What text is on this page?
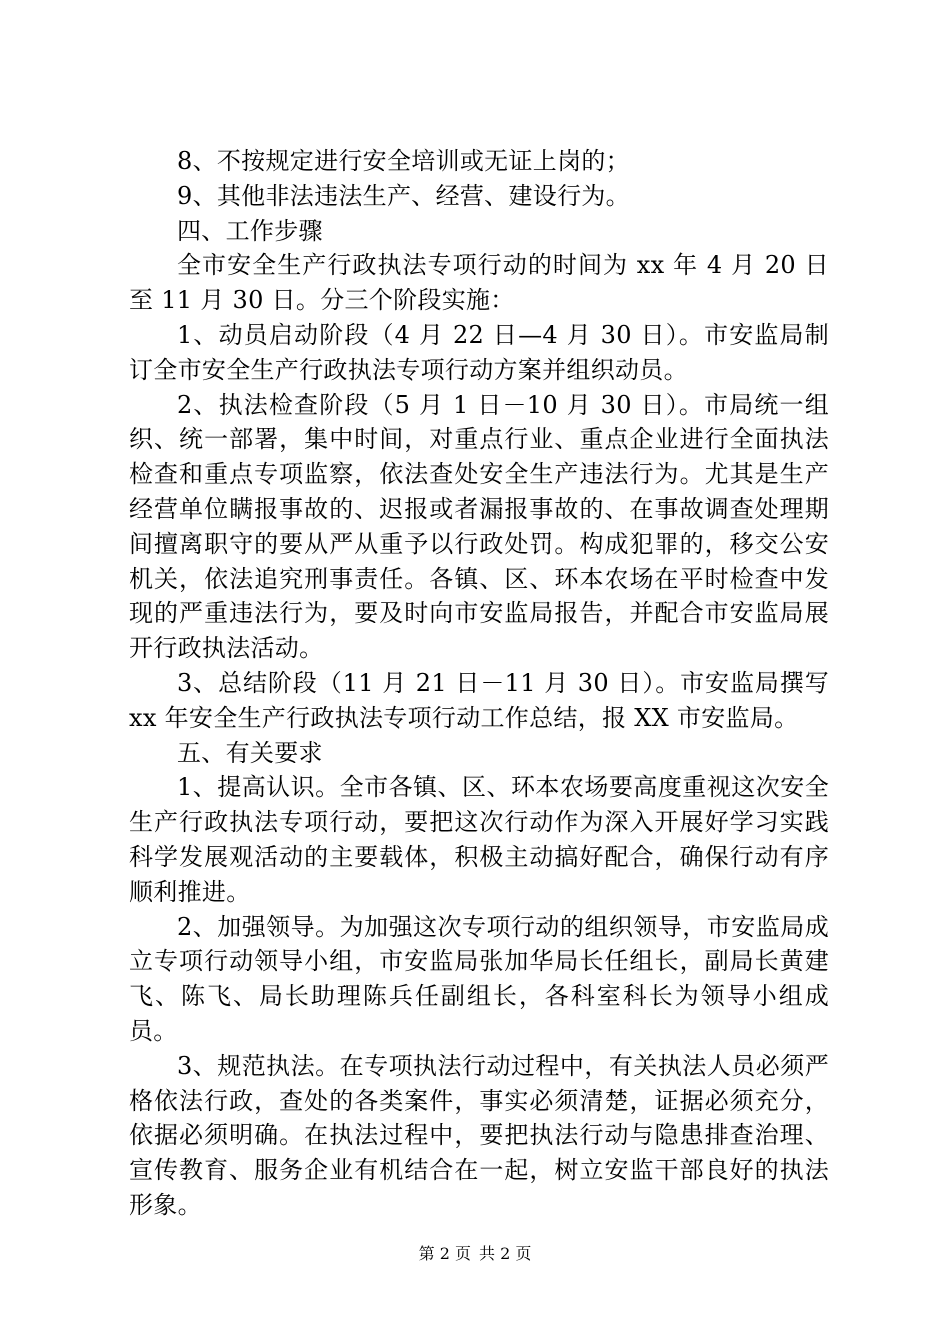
8、不按规定进行安全培训或无证上岗的；

9、其他非法违法生产、经营、建设行为。

四、工作步骤

全市安全生产行政执法专项行动的时间为 xx 年 4 月 20 日至 11 月 30 日。分三个阶段实施：

1、动员启动阶段（4 月 22 日—4 月 30 日）。市安监局制订全市安全生产行政执法专项行动方案并组织动员。

2、执法检查阶段（5 月 1 日－10 月 30 日）。市局统一组织、统一部署，集中时间，对重点行业、重点企业进行全面执法检查和重点专项监察，依法查处安全生产违法行为。尤其是生产经营单位瞒报事故的、迟报或者漏报事故的、在事故调查处理期间擅离职守的要从严从重予以行政处罚。构成犯罪的，移交公安机关，依法追究刑事责任。各镇、区、环本农场在平时检查中发现的严重违法行为，要及时向市安监局报告，并配合市安监局展开行政执法活动。

3、总结阶段（11 月 21 日－11 月 30 日）。市安监局撰写 xx 年安全生产行政执法专项行动工作总结，报 XX 市安监局。

五、有关要求

1、提高认识。全市各镇、区、环本农场要高度重视这次安全生产行政执法专项行动，要把这次行动作为深入开展好学习实践科学发展观活动的主要载体，积极主动搞好配合，确保行动有序顺利推进。

2、加强领导。为加强这次专项行动的组织领导，市安监局成立专项行动领导小组，市安监局张加华局长任组长，副局长黄建飞、陈飞、局长助理陈兵任副组长，各科室科长为领导小组成员。

3、规范执法。在专项执法行动过程中，有关执法人员必须严格依法行政，查处的各类案件，事实必须清楚，证据必须充分，依据必须明确。在执法过程中，要把执法行动与隐患排查治理、宣传教育、服务企业有机结合在一起，树立安监干部良好的执法形象。

第 2 页 共 2 页
